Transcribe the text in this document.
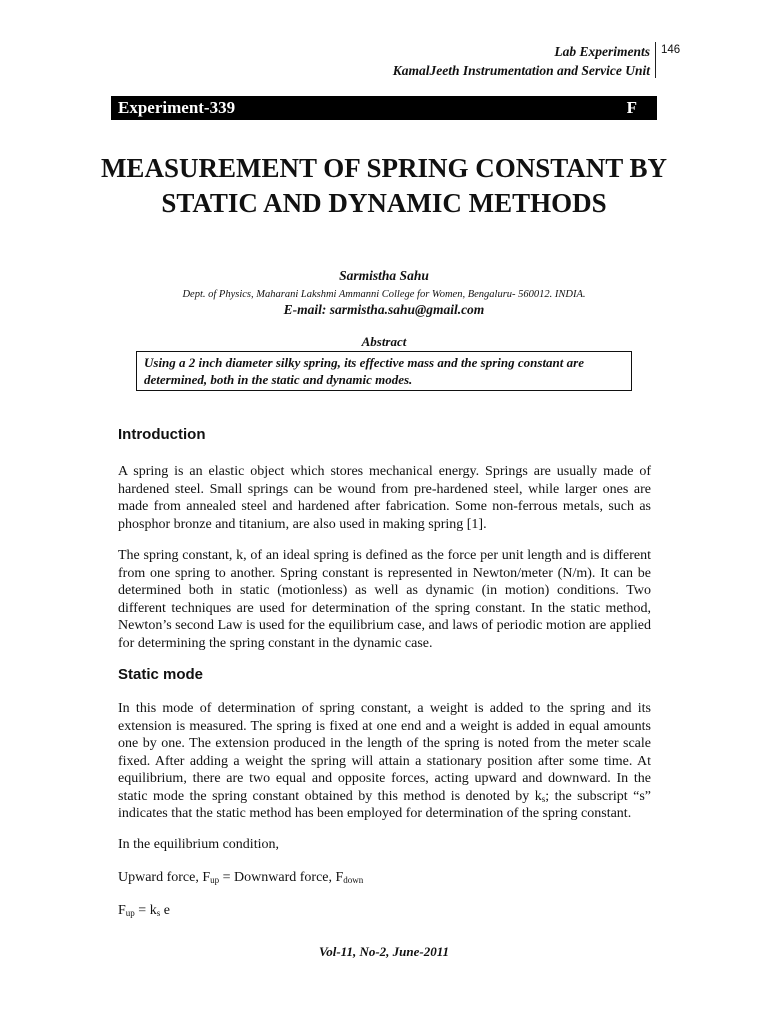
Lab Experiments
KamalJeeth Instrumentation and Service Unit
146
Experiment-339	F
MEASUREMENT OF SPRING CONSTANT BY STATIC AND DYNAMIC METHODS
Sarmistha Sahu
Dept. of Physics, Maharani Lakshmi Ammanni College for Women, Bengaluru- 560012. INDIA.
E-mail: sarmistha.sahu@gmail.com
Abstract
Using a 2 inch diameter silky spring, its effective mass and the spring constant are determined, both in the static and dynamic modes.
Introduction

A spring is an elastic object which stores mechanical energy. Springs are usually made of hardened steel. Small springs can be wound from pre-hardened steel, while larger ones are made from annealed steel and hardened after fabrication. Some non-ferrous metals, such as phosphor bronze and titanium, are also used in making spring [1].

The spring constant, k, of an ideal spring is defined as the force per unit length and is different from one spring to another. Spring constant is represented in Newton/meter (N/m). It can be determined both in static (motionless) as well as dynamic (in motion) conditions. Two different techniques are used for determination of the spring constant. In the static method, Newton’s second Law is used for the equilibrium case, and laws of periodic motion are applied for determining the spring constant in the dynamic case.

Static mode

In this mode of determination of spring constant, a weight is added to the spring and its extension is measured. The spring is fixed at one end and a weight is added in equal amounts one by one. The extension produced in the length of the spring is noted from the meter scale fixed. After adding a weight the spring will attain a stationary position after some time. At equilibrium, there are two equal and opposite forces, acting upward and downward. In the static mode the spring constant obtained by this method is denoted by $k_s$; the subscript “s” indicates that the static method has been employed for determination of the spring constant.

In the equilibrium condition,

Upward force, $F_{up}$ = Downward force, $F_{down}$
$F_{up} = k_s$ e
Vol-11, No-2, June-2011
